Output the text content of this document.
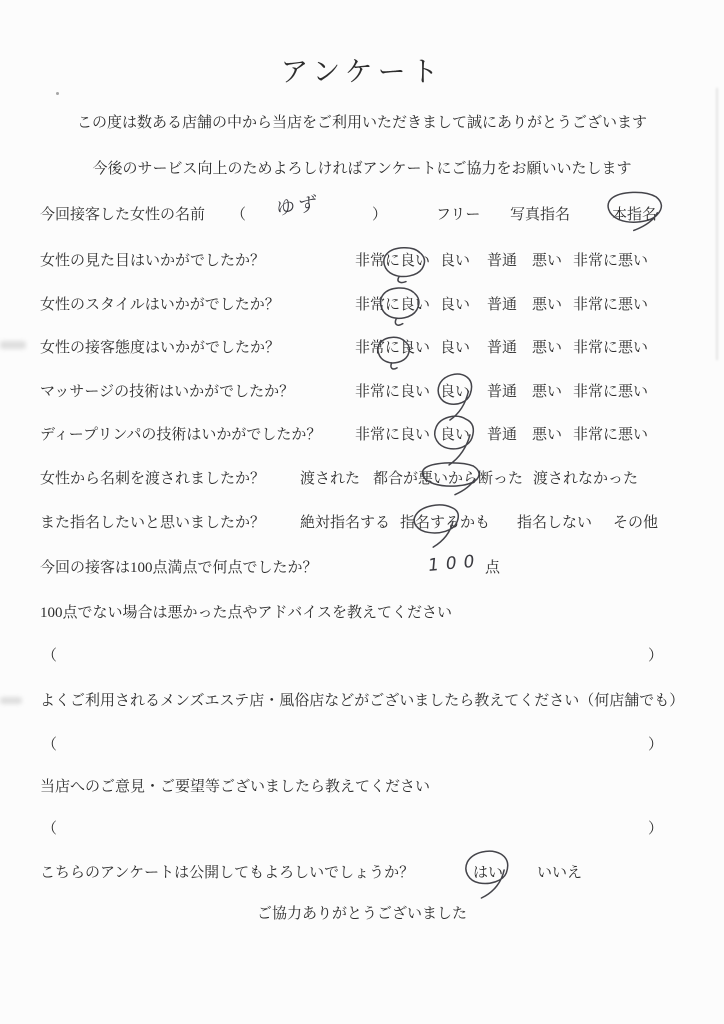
アンケート
この度は数ある店舗の中から当店をご利用いただきまして誠にありがとうございます
今後のサービス向上のためよろしければアンケートにご協力をお願いいたします
今回接客した女性の名前 （ ゆず	）	フリー 写真指名	本指名
女性の見た目はいかがでしたか？	非常に良い 良い 普通 悪い 非常に悪い
女性のスタイルはいかがでしたか？	非常に良い 良い 普通 悪い 非常に悪い
女性の接客態度はいかがでしたか？	非常に良い 良い 普通 悪い 非常に悪い
マッサージの技術はいかがでしたか？	非常に良い 良い 普通 悪い 非常に悪い
ディープリンパの技術はいかがでしたか？ 非常に良い 良い 普通 悪い 非常に悪い
女性から名刺を渡されましたか？ 渡された 都合が悪いから断った 渡されなかった
また指名したいと思いましたか？ 絶対指名する 指名するかも 指名しない その他
今回の接客は100点満点で何点でしたか？	100 点
100点でない場合は悪かった点やアドバイスを教えてください
（	）
よくご利用されるメンズエステ店・風俗店などがございましたら教えてください（何店舗でも）
（	）
当店へのご意見・ご要望等ございましたら教えてください
（	）
こちらのアンケートは公開してもよろしいでしょうか？	はい いいえ
ご協力ありがとうございました
